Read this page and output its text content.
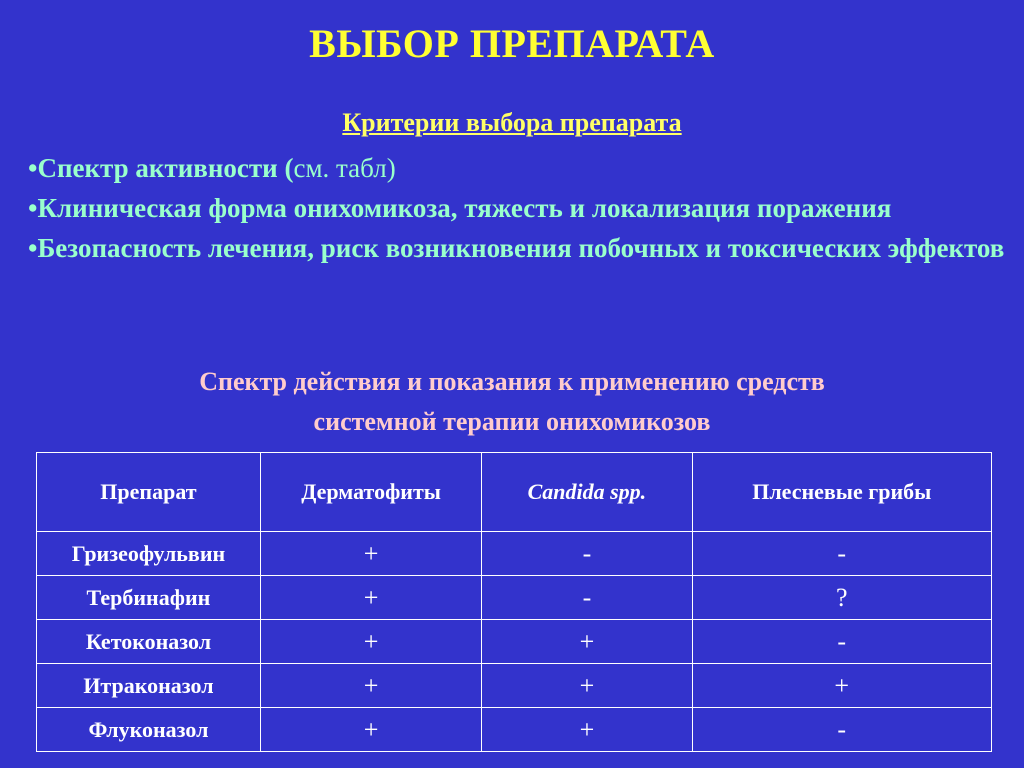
ВЫБОР ПРЕПАРАТА
Критерии выбора препарата
•Спектр активности (см. табл)
•Клиническая форма онихомикоза, тяжесть и локализация поражения
•Безопасность лечения, риск возникновения побочных и токсических эффектов
Спектр действия и показания к применению средств
системной терапии онихомикозов
Препарат	Дерматофиты	Candida spp.	Плесневые грибы
Гризеофульвин	+	-	-
Тербинафин	+	-	?
Кетоконазол	+	+	-
Итраконазол	+	+	+
Флуконазол	+	+	-
